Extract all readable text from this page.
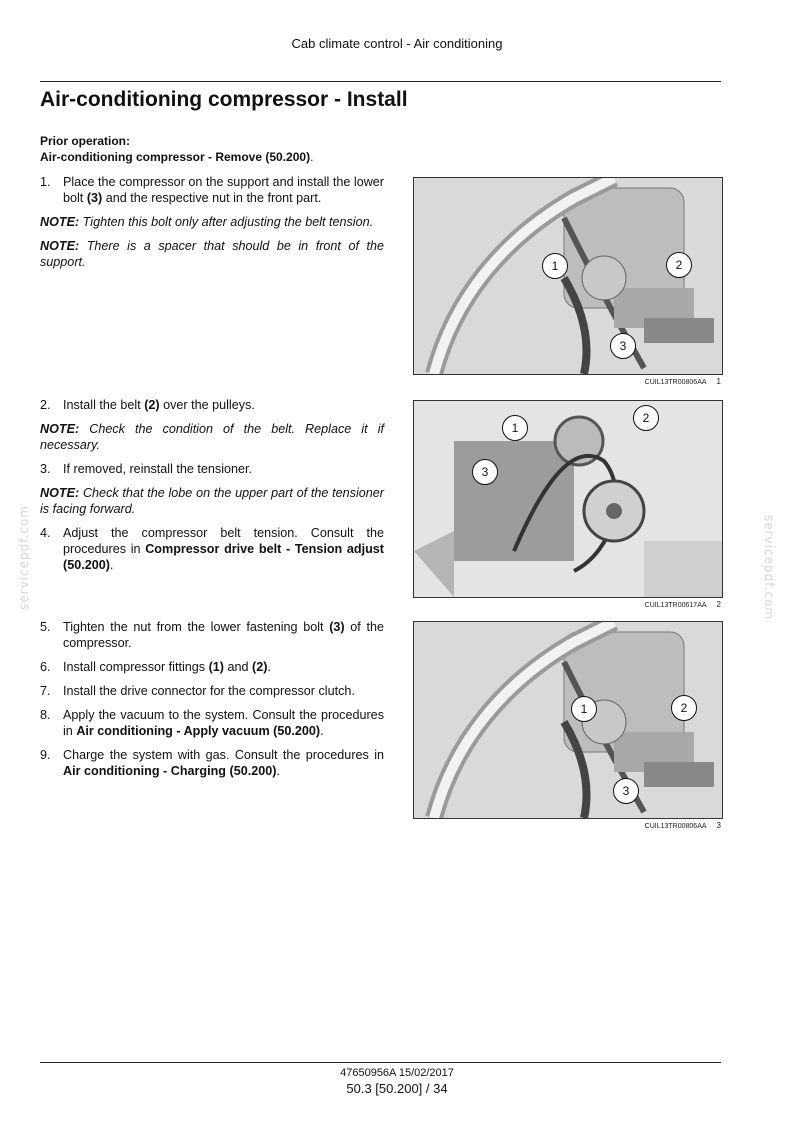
Cab climate control - Air conditioning
Air-conditioning compressor - Install
Prior operation:
Air-conditioning compressor - Remove (50.200).
1. Place the compressor on the support and install the lower bolt (3) and the respective nut in the front part.

NOTE: Tighten this bolt only after adjusting the belt tension.

NOTE: There is a spacer that should be in front of the support.

2. Install the belt (2) over the pulleys.

NOTE: Check the condition of the belt. Replace it if necessary.

3. If removed, reinstall the tensioner.

NOTE: Check that the lobe on the upper part of the tensioner is facing forward.

4. Adjust the compressor belt tension. Consult the procedures in Compressor drive belt - Tension adjust (50.200).
5. Tighten the nut from the lower fastening bolt (3) of the compressor.
6. Install compressor fittings (1) and (2).
7. Install the drive connector for the compressor clutch.
8. Apply the vacuum to the system. Consult the procedures in Air conditioning - Apply vacuum (50.200).
9. Charge the system with gas. Consult the procedures in Air conditioning - Charging (50.200).
1	2
3
CUIL13TR00806AA 1
1
2
3
CUIL13TR00617AA 2
1	2
3
CUIL13TR00806AA 3
servicepdf.com	servicepdf.com
47650956A 15/02/2017
50.3 [50.200] / 34
